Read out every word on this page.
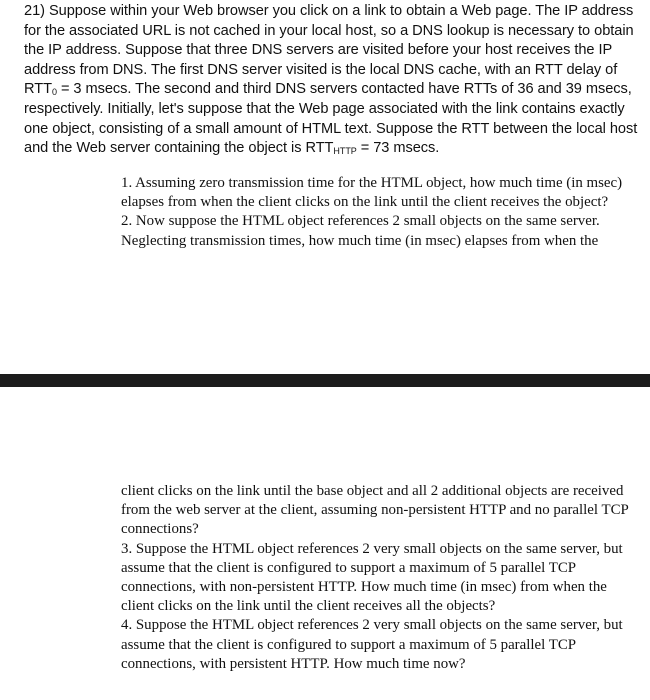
21) Suppose within your Web browser you click on a link to obtain a Web page. The IP address for the associated URL is not cached in your local host, so a DNS lookup is necessary to obtain the IP address. Suppose that three DNS servers are visited before your host receives the IP address from DNS. The first DNS server visited is the local DNS cache, with an RTT delay of $RTT_0 = 3$ msecs. The second and third DNS servers contacted have RTTs of 36 and 39 msecs, respectively. Initially, let's suppose that the Web page associated with the link contains exactly one object, consisting of a small amount of HTML text. Suppose the RTT between the local host and the Web server containing the object is $RTT_{HTTP} = 73$ msecs.

1. Assuming zero transmission time for the HTML object, how much time (in msec) elapses from when the client clicks on the link until the client receives the object?

2. Now suppose the HTML object references 2 small objects on the same server. Neglecting transmission times, how much time (in msec) elapses from when the

client clicks on the link until the base object and all 2 additional objects are received from the web server at the client, assuming non-persistent HTTP and no parallel TCP connections?

3. Suppose the HTML object references 2 very small objects on the same server, but assume that the client is configured to support a maximum of 5 parallel TCP connections, with non-persistent HTTP. How much time (in msec) from when the client clicks on the link until the client receives all the objects?

4. Suppose the HTML object references 2 very small objects on the same server, but assume that the client is configured to support a maximum of 5 parallel TCP connections, with persistent HTTP. How much time now?
